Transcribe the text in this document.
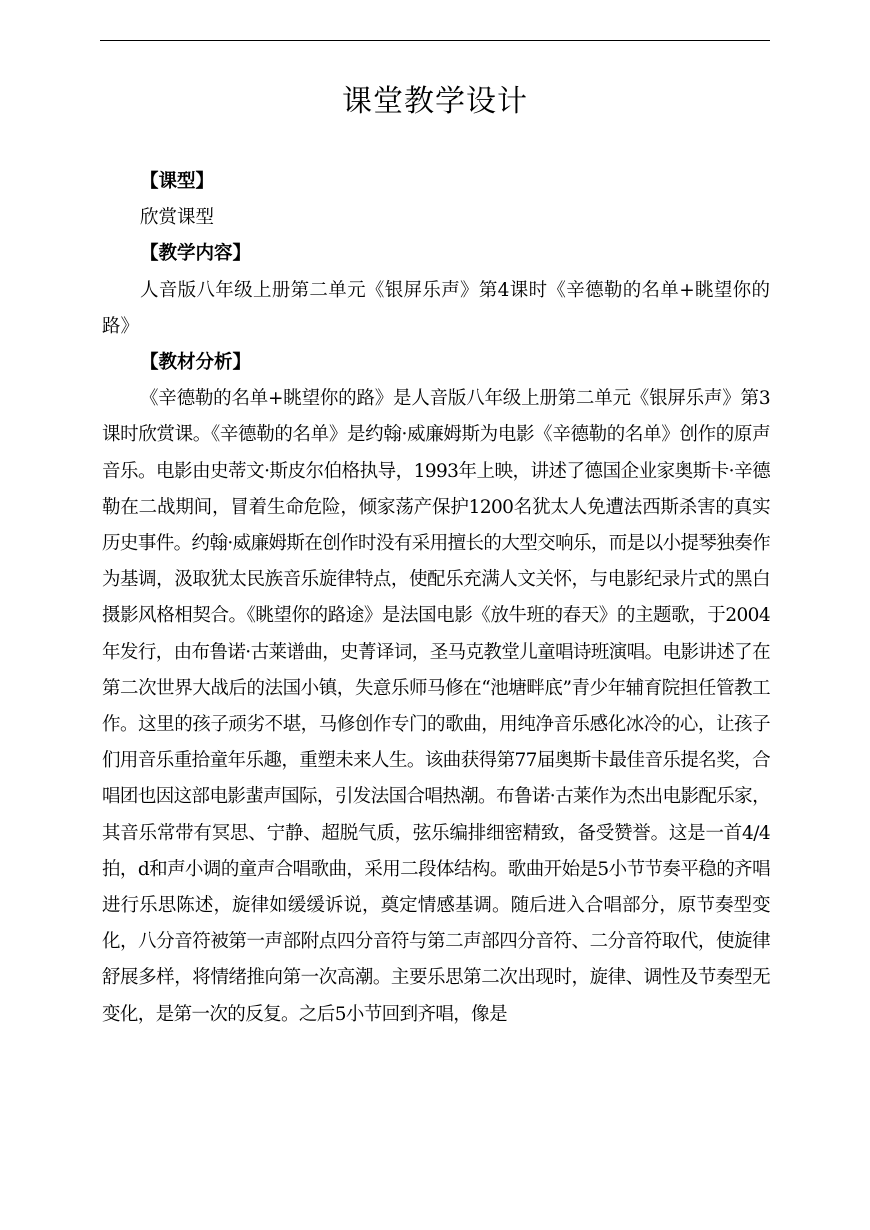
课堂教学设计
【课型】

欣赏课型

【教学内容】

人音版八年级上册第二单元《银屏乐声》第4课时《辛德勒的名单+眺望你的路》

【教材分析】

《辛德勒的名单+眺望你的路》是人音版八年级上册第二单元《银屏乐声》第3课时欣赏课。《辛德勒的名单》是约翰·威廉姆斯为电影《辛德勒的名单》创作的原声音乐。电影由史蒂文·斯皮尔伯格执导，1993年上映，讲述了德国企业家奥斯卡·辛德勒在二战期间，冒着生命危险，倾家荡产保护1200名犹太人免遭法西斯杀害的真实历史事件。约翰·威廉姆斯在创作时没有采用擅长的大型交响乐，而是以小提琴独奏作为基调，汲取犹太民族音乐旋律特点，使配乐充满人文关怀，与电影纪录片式的黑白摄影风格相契合。《眺望你的路途》是法国电影《放牛班的春天》的主题歌，于2004年发行，由布鲁诺·古莱谱曲，史菁译词，圣马克教堂儿童唱诗班演唱。电影讲述了在第二次世界大战后的法国小镇，失意乐师马修在“池塘畔底”青少年辅育院担任管教工作。这里的孩子顽劣不堪，马修创作专门的歌曲，用纯净音乐感化冰冷的心，让孩子们用音乐重拾童年乐趣，重塑未来人生。该曲获得第77届奥斯卡最佳音乐提名奖，合唱团也因这部电影蜚声国际，引发法国合唱热潮。布鲁诺·古莱作为杰出电影配乐家，其音乐常带有冥思、宁静、超脱气质，弦乐编排细密精致，备受赞誉。这是一首4/4拍，d和声小调的童声合唱歌曲，采用二段体结构。歌曲开始是5小节节奏平稳的齐唱进行乐思陈述，旋律如缓缓诉说，奠定情感基调。随后进入合唱部分，原节奏型变化，八分音符被第一声部附点四分音符与第二声部四分音符、二分音符取代，使旋律舒展多样，将情绪推向第一次高潮。主要乐思第二次出现时，旋律、调性及节奏型无变化，是第一次的反复。之后5小节回到齐唱，像是
